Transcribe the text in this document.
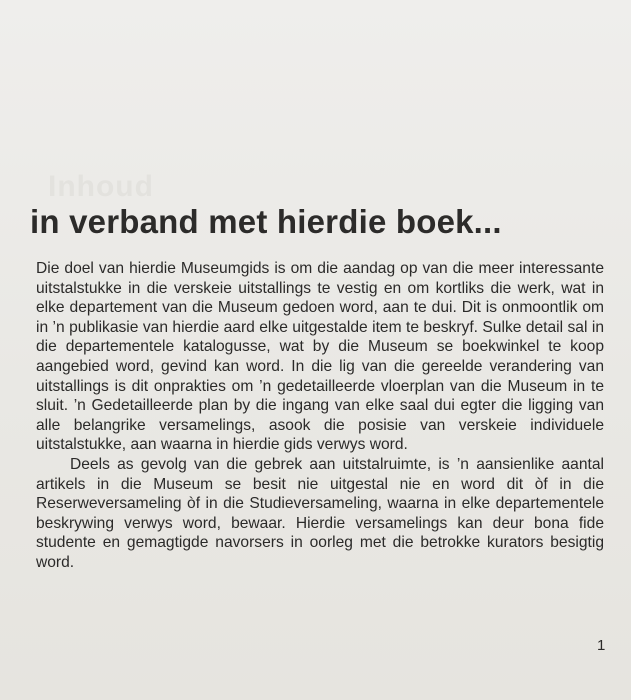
Inhoud
in verband met hierdie boek...

Die doel van hierdie Museumgids is om die aandag op van die meer interessante uitstalstukke in die verskeie uitstallings te vestig en om kortliks die werk, wat in elke departement van die Museum gedoen word, aan te dui. Dit is onmoontlik om in ’n publikasie van hierdie aard elke uitgestalde item te beskryf. Sulke detail sal in die departementele katalogusse, wat by die Museum se boekwinkel te koop aangebied word, gevind kan word. In die lig van die gereelde verandering van uitstallings is dit onprakties om ’n gedetailleerde vloerplan van die Museum in te sluit. ’n Gedetailleerde plan by die ingang van elke saal dui egter die ligging van alle belangrike versamelings, asook die posisie van verskeie individuele uitstalstukke, aan waarna in hierdie gids verwys word.

Deels as gevolg van die gebrek aan uitstalruimte, is ’n aansienlike aantal artikels in die Museum se besit nie uitgestal nie en word dit òf in die Reserweversameling òf in die Studieversameling, waarna in elke departementele beskrywing verwys word, bewaar. Hierdie versamelings kan deur bona fide studente en gemagtigde navorsers in oorleg met die betrokke kurators besigtig word.

1
